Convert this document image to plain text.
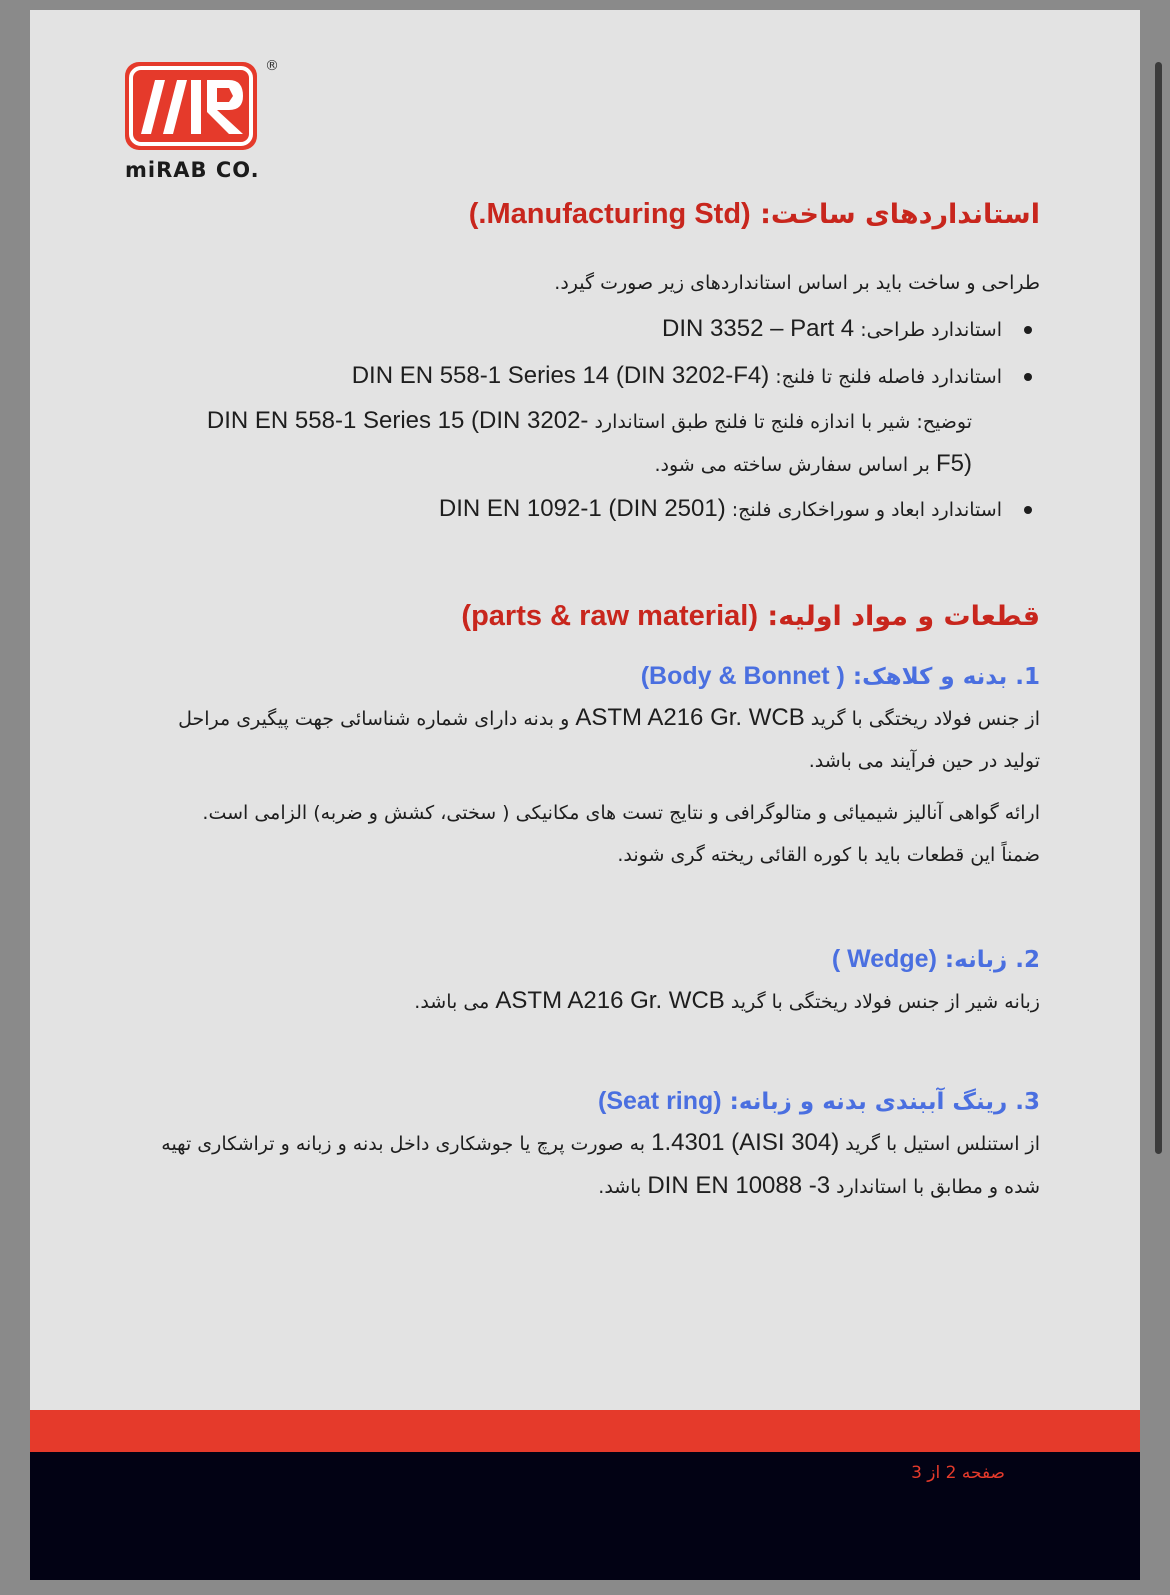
®
miRAB CO.
استانداردهای ساخت: (Manufacturing Std.)

طراحی و ساخت باید بر اساس استانداردهای زیر صورت گیرد.

استاندارد طراحی: DIN 3352 – Part 4

استاندارد فاصله فلنج تا فلنج: DIN EN 558-1 Series 14 (DIN 3202-F4)

توضیح: شیر با اندازه فلنج تا فلنج طبق استاندارد DIN EN 558-1 Series 15 (DIN 3202-F5) بر اساس سفارش ساخته می شود.

استاندارد ابعاد و سوراخکاری فلنج: DIN EN 1092-1 (DIN 2501)

قطعات و مواد اولیه: (parts & raw material)
1. بدنه و کلاهک: ( Body & Bonnet)

از جنس فولاد ریختگی با گرید ASTM A216 Gr. WCB و بدنه دارای شماره شناسائی جهت پیگیری مراحل تولید در حین فرآیند می باشد.

ارائه گواهی آنالیز شیمیائی و متالوگرافی و نتایج تست های مکانیکی ( سختی، کشش و ضربه) الزامی است. ضمناً این قطعات باید با کوره القائی ریخته گری شوند.

2. زبانه: (Wedge )

زبانه شیر از جنس فولاد ریختگی با گرید ASTM A216 Gr. WCB می باشد.

3. رینگ آببندی بدنه و زبانه: (Seat ring)

از استنلس استیل با گرید 1.4301 (AISI 304) به صورت پرچ یا جوشکاری داخل بدنه و زبانه و تراشکاری تهیه شده و مطابق با استاندارد DIN EN 10088 -3 باشد.

صفحه 2 از 3
